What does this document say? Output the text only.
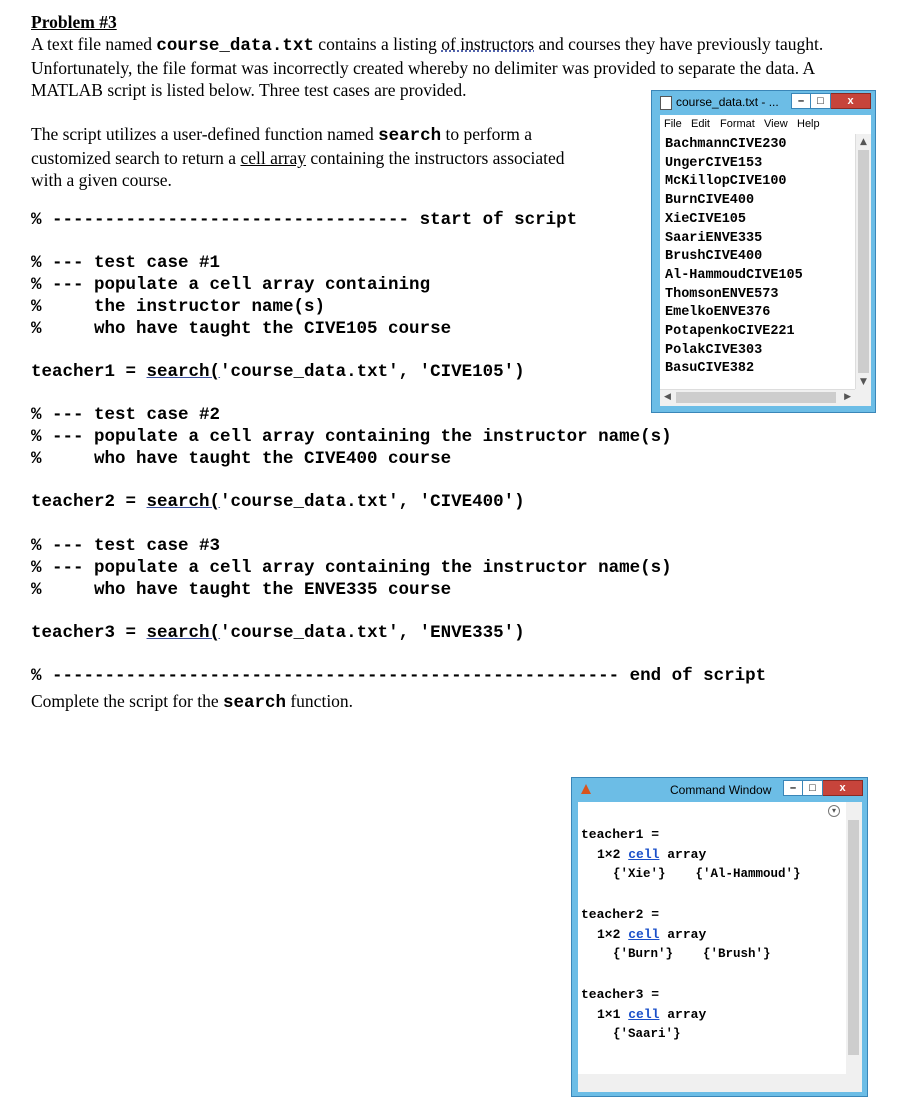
Problem #3
A text file named course_data.txt contains a listing of instructors and courses they have previously taught.
Unfortunately, the file format was incorrectly created whereby no delimiter was provided to separate the data. A
MATLAB script is listed below. Three test cases are provided.
The script utilizes a user-defined function named search to perform a
customized search to return a cell array containing the instructors associated
with a given course.
% ---------------------------------- start of script
% --- test case #1
% --- populate a cell array containing
%     the instructor name(s)
%     who have taught the CIVE105 course
teacher1 = search('course_data.txt', 'CIVE105')
% --- test case #2
% --- populate a cell array containing the instructor name(s)
%     who have taught the CIVE400 course
teacher2 = search('course_data.txt', 'CIVE400')
% --- test case #3
% --- populate a cell array containing the instructor name(s)
%     who have taught the ENVE335 course
teacher3 = search('course_data.txt', 'ENVE335')
% ------------------------------------------------------ end of script
Complete the script for the search function.
course_data.txt - ...	–	□	x
File Edit Format View Help
BachmannCIVE230
UngerCIVE153
McKillopCIVE100
BurnCIVE400
XieCIVE105
SaariENVE335
BrushCIVE400
Al-HammoudCIVE105
ThomsonENVE573
EmelkoENVE376
PotapenkoCIVE221
PolakCIVE303
BasuCIVE382
▲
▼
◀	▶
Command Window	–	□	x
▾
teacher1 =
1×2 cell array
{'Xie'}    {'Al-Hammoud'}
teacher2 =
1×2 cell array
{'Burn'}    {'Brush'}
teacher3 =
1×1 cell array
{'Saari'}
